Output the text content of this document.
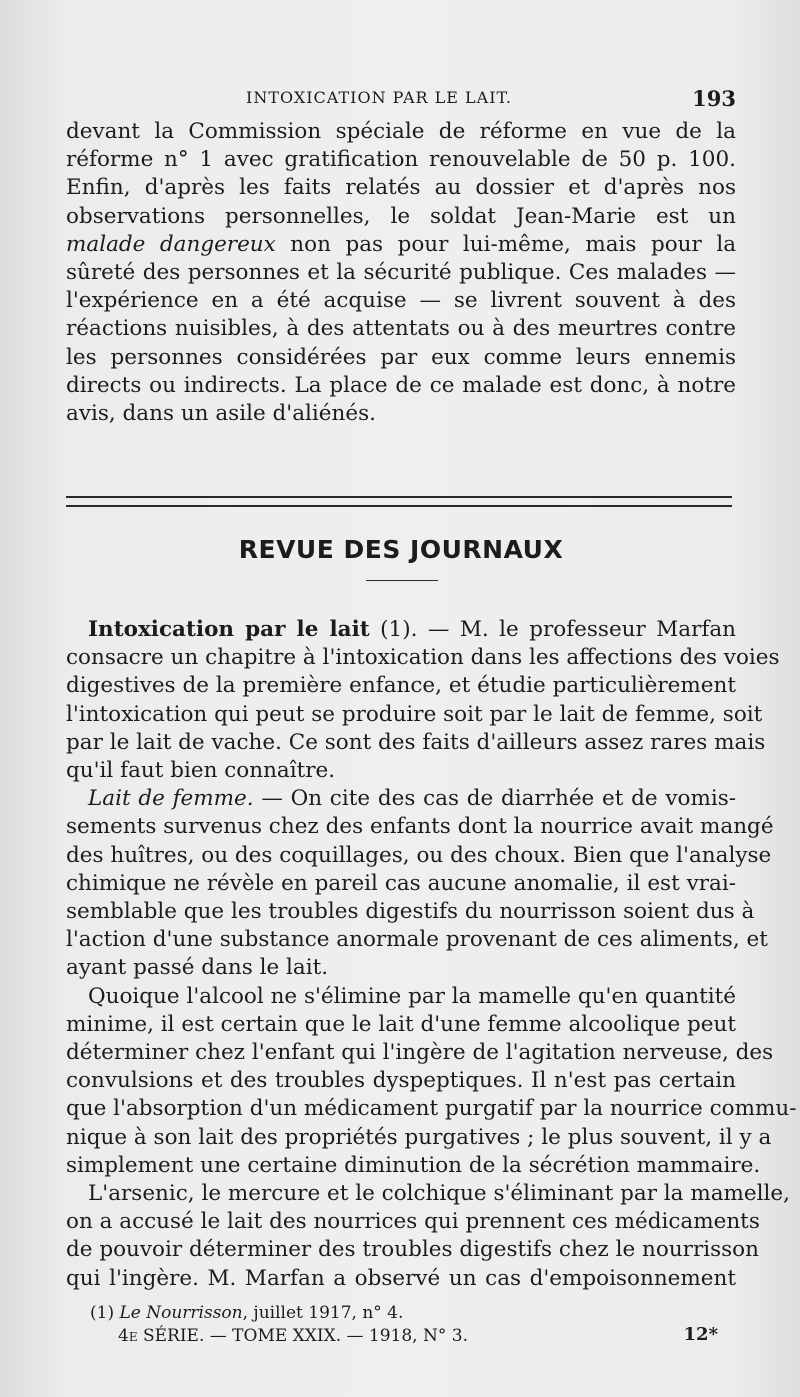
INTOXICATION PAR LE LAIT.	193
devant la Commission spéciale de réforme en vue de la
réforme n° 1 avec gratification renouvelable de 50 p. 100.
Enfin, d'après les faits relatés au dossier et d'après nos
observations personnelles, le soldat Jean-Marie est un
malade dangereux non pas pour lui-même, mais pour la
sûreté des personnes et la sécurité publique. Ces malades —
l'expérience en a été acquise — se livrent souvent à des
réactions nuisibles, à des attentats ou à des meurtres contre
les personnes considérées par eux comme leurs ennemis
directs ou indirects. La place de ce malade est donc, à notre
avis, dans un asile d'aliénés.
REVUE DES JOURNAUX
Intoxication par le lait (1). — M. le professeur Marfan
consacre un chapitre à l'intoxication dans les affections des voies
digestives de la première enfance, et étudie particulièrement
l'intoxication qui peut se produire soit par le lait de femme, soit
par le lait de vache. Ce sont des faits d'ailleurs assez rares mais
qu'il faut bien connaître.
Lait de femme. — On cite des cas de diarrhée et de vomis-
sements survenus chez des enfants dont la nourrice avait mangé
des huîtres, ou des coquillages, ou des choux. Bien que l'analyse
chimique ne révèle en pareil cas aucune anomalie, il est vrai-
semblable que les troubles digestifs du nourrisson soient dus à
l'action d'une substance anormale provenant de ces aliments, et
ayant passé dans le lait.
Quoique l'alcool ne s'élimine par la mamelle qu'en quantité
minime, il est certain que le lait d'une femme alcoolique peut
déterminer chez l'enfant qui l'ingère de l'agitation nerveuse, des
convulsions et des troubles dyspeptiques. Il n'est pas certain
que l'absorption d'un médicament purgatif par la nourrice commu-
nique à son lait des propriétés purgatives ; le plus souvent, il y a
simplement une certaine diminution de la sécrétion mammaire.
L'arsenic, le mercure et le colchique s'éliminant par la mamelle,
on a accusé le lait des nourrices qui prennent ces médicaments
de pouvoir déterminer des troubles digestifs chez le nourrisson
qui l'ingère. M. Marfan a observé un cas d'empoisonnement
(1) Le Nourrisson, juillet 1917, n° 4.
4e SÉRIE. — TOME XXIX. — 1918, N° 3.	12*
